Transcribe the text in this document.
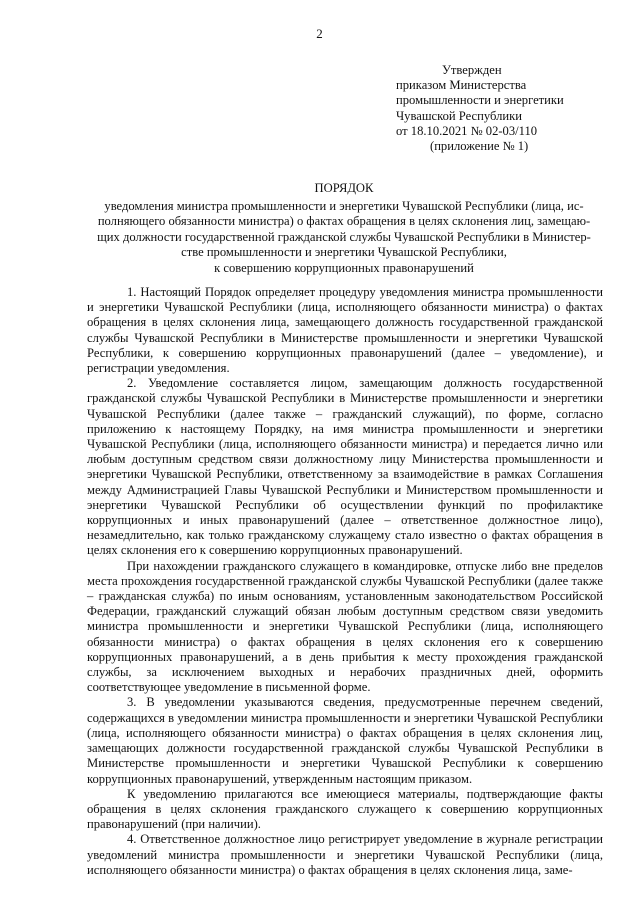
2
Утвержден
приказом Министерства
промышленности и энергетики
Чувашской Республики
от 18.10.2021 № 02-03/110
(приложение № 1)
ПОРЯДОК
уведомления министра промышленности и энергетики Чувашской Республики (лица, ис-
полняющего обязанности министра) о фактах обращения в целях склонения лиц, замещаю-
щих должности государственной гражданской службы Чувашской Республики в Министер-
стве промышленности и энергетики Чувашской Республики,
к совершению коррупционных правонарушений

1. Настоящий Порядок определяет процедуру уведомления министра промышленности и энергетики Чувашской Республики (лица, исполняющего обязанности министра) о фактах обращения в целях склонения лица, замещающего должность государственной гражданской службы Чувашской Республики в Министерстве промышленности и энергетики Чувашской Республики, к совершению коррупционных правонарушений (далее – уведомление), и регистрации уведомления.

2. Уведомление составляется лицом, замещающим должность государственной гражданской службы Чувашской Республики в Министерстве промышленности и энергетики Чувашской Республики (далее также – гражданский служащий), по форме, согласно приложению к настоящему Порядку, на имя министра промышленности и энергетики Чувашской Республики (лица, исполняющего обязанности министра) и передается лично или любым доступным средством связи должностному лицу Министерства промышленности и энергетики Чувашской Республики, ответственному за взаимодействие в рамках Соглашения между Администрацией Главы Чувашской Республики и Министерством промышленности и энергетики Чувашской Республики об осуществлении функций по профилактике коррупционных и иных правонарушений (далее – ответственное должностное лицо), незамедлительно, как только гражданскому служащему стало известно о фактах обращения в целях склонения его к совершению коррупционных правонарушений.

При нахождении гражданского служащего в командировке, отпуске либо вне пределов места прохождения государственной гражданской службы Чувашской Республики (далее также – гражданская служба) по иным основаниям, установленным законодательством Российской Федерации, гражданский служащий обязан любым доступным средством связи уведомить министра промышленности и энергетики Чувашской Республики (лица, исполняющего обязанности министра) о фактах обращения в целях склонения его к совершению коррупционных правонарушений, а в день прибытия к месту прохождения гражданской службы, за исключением выходных и нерабочих праздничных дней, оформить соответствующее уведомление в письменной форме.

3. В уведомлении указываются сведения, предусмотренные перечнем сведений, содержащихся в уведомлении министра промышленности и энергетики Чувашской Республики (лица, исполняющего обязанности министра) о фактах обращения в целях склонения лиц, замещающих должности государственной гражданской службы Чувашской Республики в Министерстве промышленности и энергетики Чувашской Республики к совершению коррупционных правонарушений, утвержденным настоящим приказом.

К уведомлению прилагаются все имеющиеся материалы, подтверждающие факты обращения в целях склонения гражданского служащего к совершению коррупционных правонарушений (при наличии).

4. Ответственное должностное лицо регистрирует уведомление в журнале регистрации уведомлений министра промышленности и энергетики Чувашской Республики (лица, исполняющего обязанности министра) о фактах обращения в целях склонения лица, заме-
